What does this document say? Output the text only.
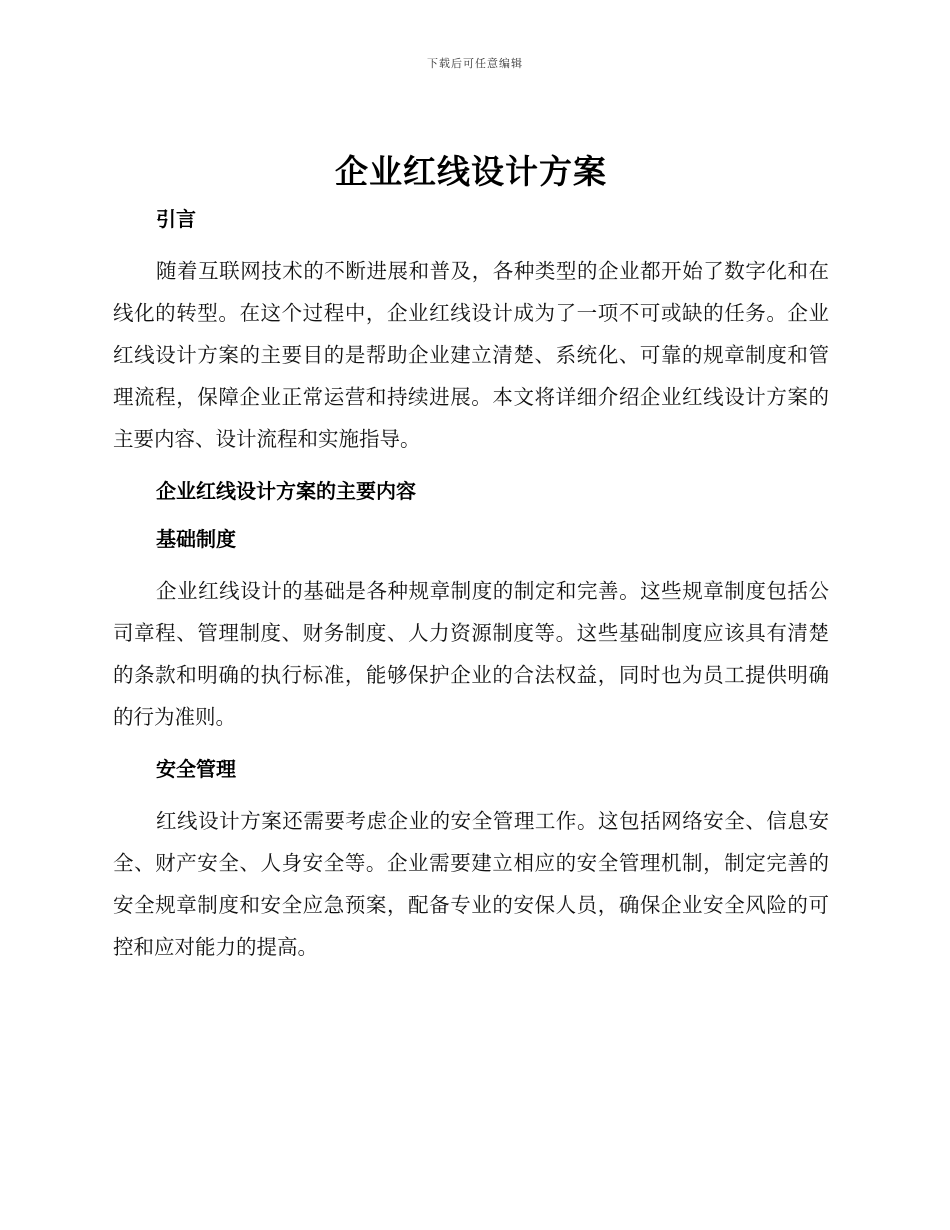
下载后可任意编辑
企业红线设计方案
引言

随着互联网技术的不断进展和普及，各种类型的企业都开始了数字化和在线化的转型。在这个过程中，企业红线设计成为了一项不可或缺的任务。企业红线设计方案的主要目的是帮助企业建立清楚、系统化、可靠的规章制度和管理流程，保障企业正常运营和持续进展。本文将详细介绍企业红线设计方案的主要内容、设计流程和实施指导。

企业红线设计方案的主要内容
基础制度

企业红线设计的基础是各种规章制度的制定和完善。这些规章制度包括公司章程、管理制度、财务制度、人力资源制度等。这些基础制度应该具有清楚的条款和明确的执行标准，能够保护企业的合法权益，同时也为员工提供明确的行为准则。

安全管理

红线设计方案还需要考虑企业的安全管理工作。这包括网络安全、信息安全、财产安全、人身安全等。企业需要建立相应的安全管理机制，制定完善的安全规章制度和安全应急预案，配备专业的安保人员，确保企业安全风险的可控和应对能力的提高。
